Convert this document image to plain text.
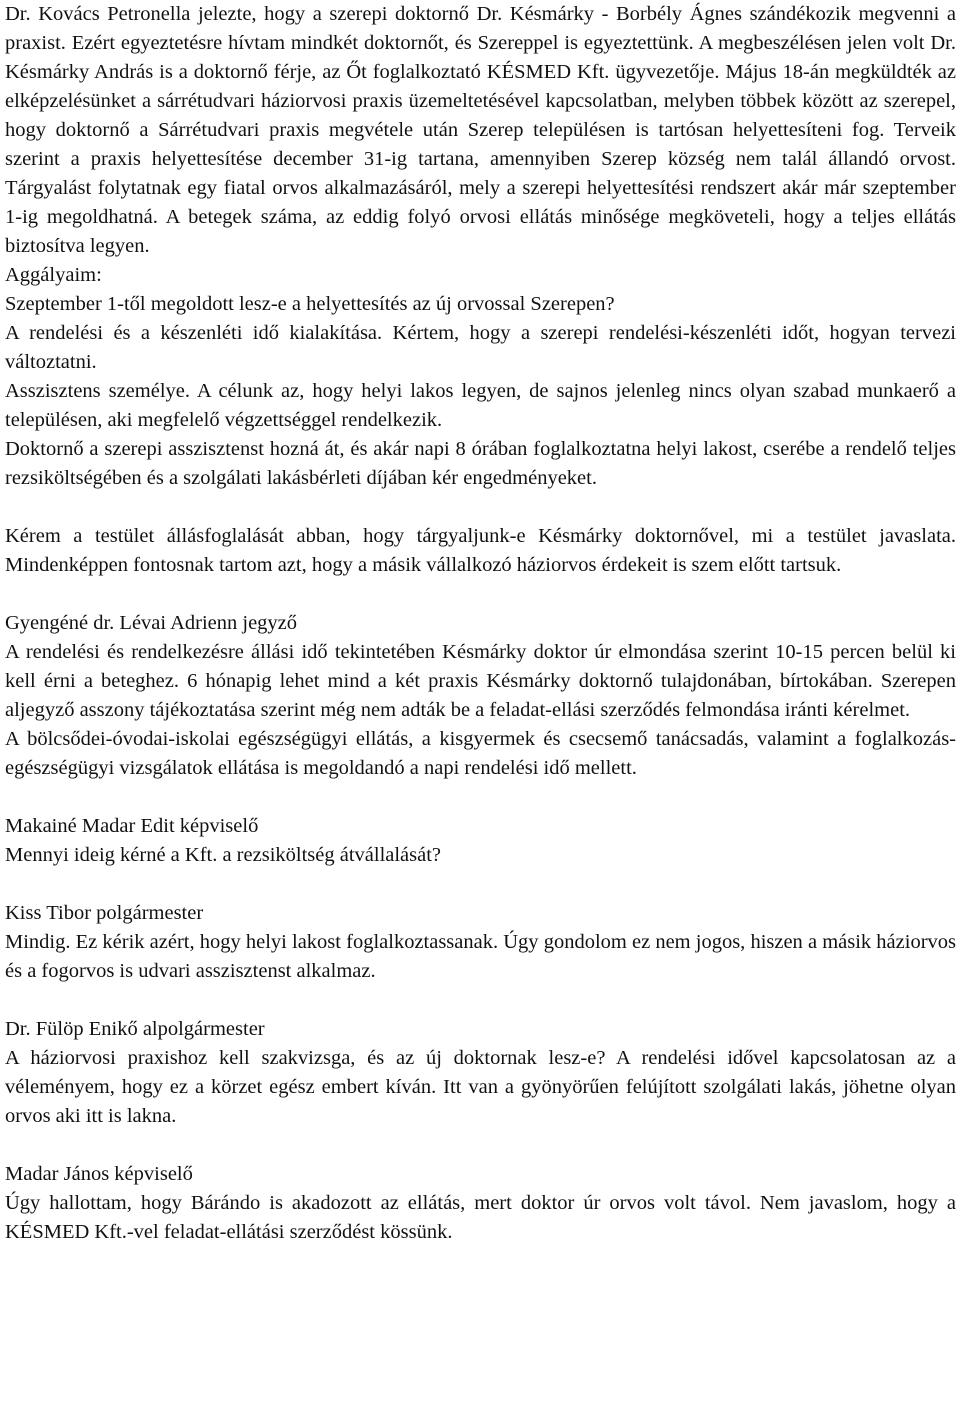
Dr. Kovács Petronella jelezte, hogy a szerepi doktornő Dr. Késmárky - Borbély Ágnes szándékozik megvenni a praxist. Ezért egyeztetésre hívtam mindkét doktornőt, és Szereppel is egyeztettünk. A megbeszélésen jelen volt Dr. Késmárky András is a doktornő férje, az Őt foglalkoztató KÉSMED Kft. ügyvezetője. Május 18-án megküldték az elképzelésünket a sárrétudvari háziorvosi praxis üzemeltetésével kapcsolatban, melyben többek között az szerepel, hogy doktornő a Sárrétudvari praxis megvétele után Szerep településen is tartósan helyettesíteni fog. Terveik szerint a praxis helyettesítése december 31-ig tartana, amennyiben Szerep község nem talál állandó orvost. Tárgyalást folytatnak egy fiatal orvos alkalmazásáról, mely a szerepi helyettesítési rendszert akár már szeptember 1-ig megoldhatná. A betegek száma, az eddig folyó orvosi ellátás minősége megköveteli, hogy a teljes ellátás biztosítva legyen.

Aggályaim:

Szeptember 1-től megoldott lesz-e a helyettesítés az új orvossal Szerepen?

A rendelési és a készenléti idő kialakítása. Kértem, hogy a szerepi rendelési-készenléti időt, hogyan tervezi változtatni.

Asszisztens személye. A célunk az, hogy helyi lakos legyen, de sajnos jelenleg nincs olyan szabad munkaerő a településen, aki megfelelő végzettséggel rendelkezik.

Doktornő a szerepi asszisztenst hozná át, és akár napi 8 órában foglalkoztatna helyi lakost, cserébe a rendelő teljes rezsiköltségében és a szolgálati lakásbérleti díjában kér engedményeket.

Kérem a testület állásfoglalását abban, hogy tárgyaljunk-e Késmárky doktornővel, mi a testület javaslata. Mindenképpen fontosnak tartom azt, hogy a másik vállalkozó háziorvos érdekeit is szem előtt tartsuk.

Gyengéné dr. Lévai Adrienn jegyző

A rendelési és rendelkezésre állási idő tekintetében Késmárky doktor úr elmondása szerint 10-15 percen belül ki kell érni a beteghez. 6 hónapig lehet mind a két praxis Késmárky doktornő tulajdonában, bírtokában. Szerepen aljegyző asszony tájékoztatása szerint még nem adták be a feladat-ellási szerződés felmondása iránti kérelmet.

A bölcsődei-óvodai-iskolai egészségügyi ellátás, a kisgyermek és csecsemő tanácsadás, valamint a foglalkozás-egészségügyi vizsgálatok ellátása is megoldandó a napi rendelési idő mellett.

Makainé Madar Edit képviselő

Mennyi ideig kérné a Kft. a rezsiköltség átvállalását?

Kiss Tibor polgármester

Mindig. Ez kérik azért, hogy helyi lakost foglalkoztassanak. Úgy gondolom ez nem jogos, hiszen a másik háziorvos és a fogorvos is udvari asszisztenst alkalmaz.

Dr. Fülöp Enikő alpolgármester

A háziorvosi praxishoz kell szakvizsga, és az új doktornak lesz-e? A rendelési idővel kapcsolatosan az a véleményem, hogy ez a körzet egész embert kíván. Itt van a gyönyörűen felújított szolgálati lakás, jöhetne olyan orvos aki itt is lakna.

Madar János képviselő

Úgy hallottam, hogy Bárándo is akadozott az ellátás, mert doktor úr orvos volt távol. Nem javaslom, hogy a KÉSMED Kft.-vel feladat-ellátási szerződést kössünk.
